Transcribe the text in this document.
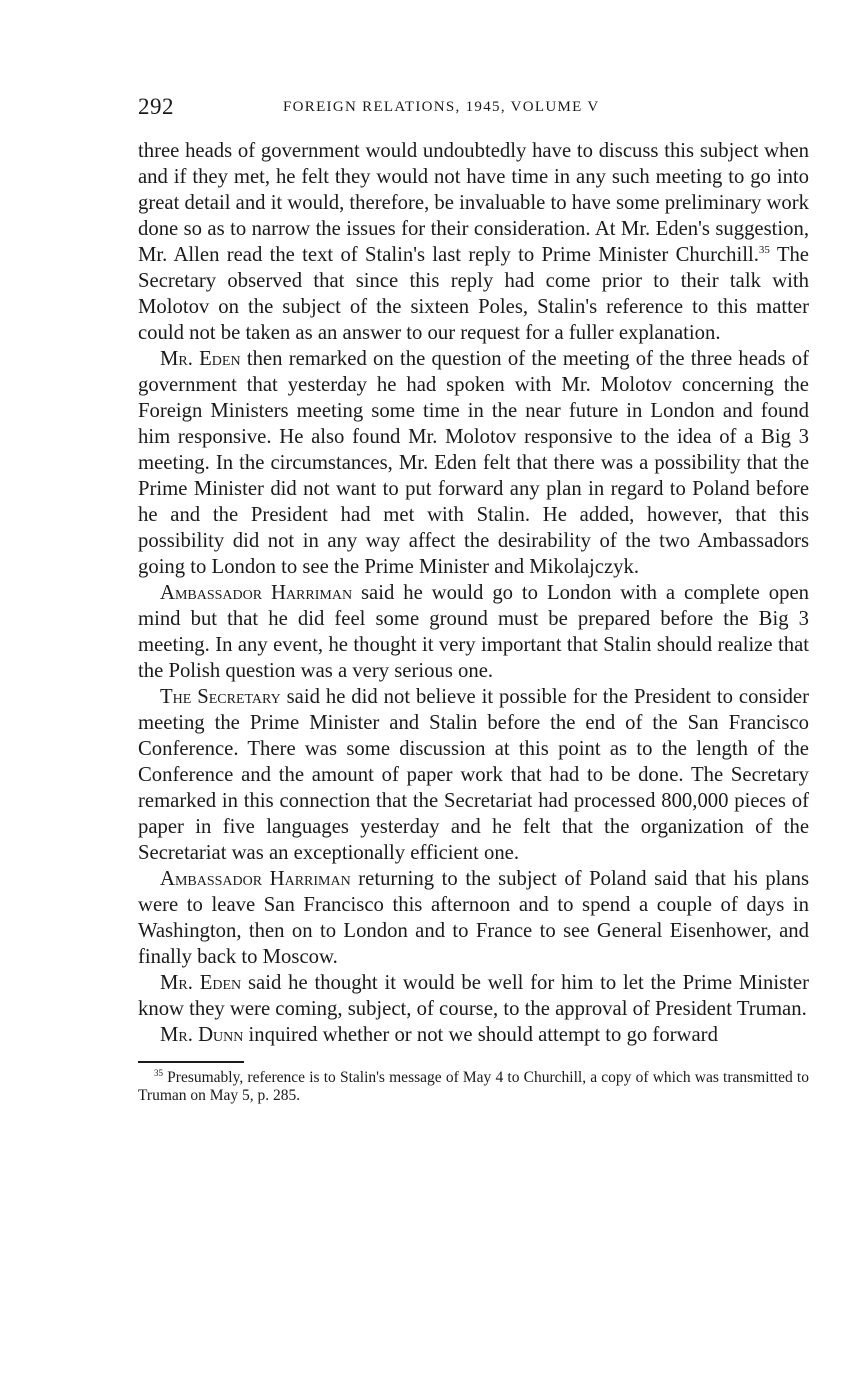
292	FOREIGN RELATIONS, 1945, VOLUME V

three heads of government would undoubtedly have to discuss this subject when and if they met, he felt they would not have time in any such meeting to go into great detail and it would, therefore, be invaluable to have some preliminary work done so as to narrow the issues for their consideration. At Mr. Eden's suggestion, Mr. Allen read the text of Stalin's last reply to Prime Minister Churchill.$^{35}$ The Secretary observed that since this reply had come prior to their talk with Molotov on the subject of the sixteen Poles, Stalin's reference to this matter could not be taken as an answer to our request for a fuller explanation.

Mr. Eden then remarked on the question of the meeting of the three heads of government that yesterday he had spoken with Mr. Molotov concerning the Foreign Ministers meeting some time in the near future in London and found him responsive. He also found Mr. Molotov responsive to the idea of a Big 3 meeting. In the circumstances, Mr. Eden felt that there was a possibility that the Prime Minister did not want to put forward any plan in regard to Poland before he and the President had met with Stalin. He added, however, that this possibility did not in any way affect the desirability of the two Ambassadors going to London to see the Prime Minister and Mikolajczyk.

Ambassador Harriman said he would go to London with a complete open mind but that he did feel some ground must be prepared before the Big 3 meeting. In any event, he thought it very important that Stalin should realize that the Polish question was a very serious one.

The Secretary said he did not believe it possible for the President to consider meeting the Prime Minister and Stalin before the end of the San Francisco Conference. There was some discussion at this point as to the length of the Conference and the amount of paper work that had to be done. The Secretary remarked in this connection that the Secretariat had processed 800,000 pieces of paper in five languages yesterday and he felt that the organization of the Secretariat was an exceptionally efficient one.

Ambassador Harriman returning to the subject of Poland said that his plans were to leave San Francisco this afternoon and to spend a couple of days in Washington, then on to London and to France to see General Eisenhower, and finally back to Moscow.

Mr. Eden said he thought it would be well for him to let the Prime Minister know they were coming, subject, of course, to the approval of President Truman.

Mr. Dunn inquired whether or not we should attempt to go forward

$^{35}$ Presumably, reference is to Stalin's message of May 4 to Churchill, a copy of which was transmitted to Truman on May 5, p. 285.
